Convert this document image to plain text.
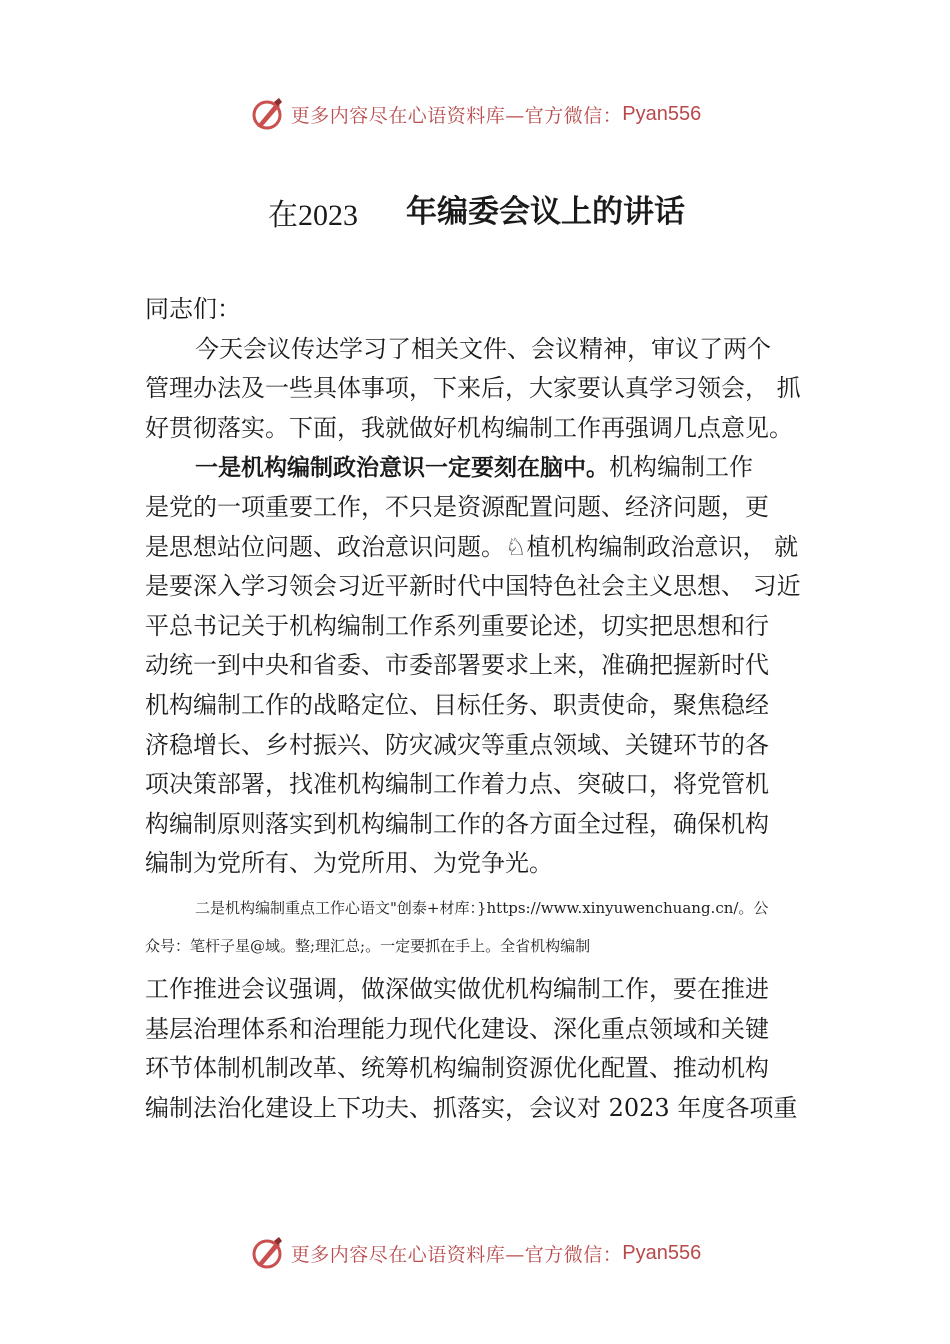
更多内容尽在心语资料库—官方微信： Pyan556
在2023 年编委会议上的讲话
同志们：
今天会议传达学习了相关文件、会议精神，审议了两个
管理办法及一些具体事项，下来后，大家要认真学习领会， 抓
好贯彻落实。下面，我就做好机构编制工作再强调几点意见。
一是机构编制政治意识一定要刻在脑中。机构编制工作
是党的一项重要工作，不只是资源配置问题、经济问题，更
是思想站位问题、政治意识问题。♘植机构编制政治意识， 就
是要深入学习领会习近平新时代中国特色社会主义思想、 习近
平总书记关于机构编制工作系列重要论述，切实把思想和行
动统一到中央和省委、市委部署要求上来，准确把握新时代
机构编制工作的战略定位、目标任务、职责使命，聚焦稳经
济稳增长、乡村振兴、防灾减灾等重点领域、关键环节的各
项决策部署，找准机构编制工作着力点、突破口，将党管机
构编制原则落实到机构编制工作的各方面全过程，确保机构
编制为党所有、为党所用、为党争光。
二是机构编制重点工作心语文"创泰+材库：}https://www.xinyuwenchuang.cn/。公
众号：笔杆子星@域。整;理汇总;。一定要抓在手上。全省机构编制
工作推进会议强调，做深做实做优机构编制工作，要在推进
基层治理体系和治理能力现代化建设、深化重点领域和关键
环节体制机制改革、统筹机构编制资源优化配置、推动机构
编制法治化建设上下功夫、抓落实，会议对 2023 年度各项重
更多内容尽在心语资料库—官方微信： Pyan556
